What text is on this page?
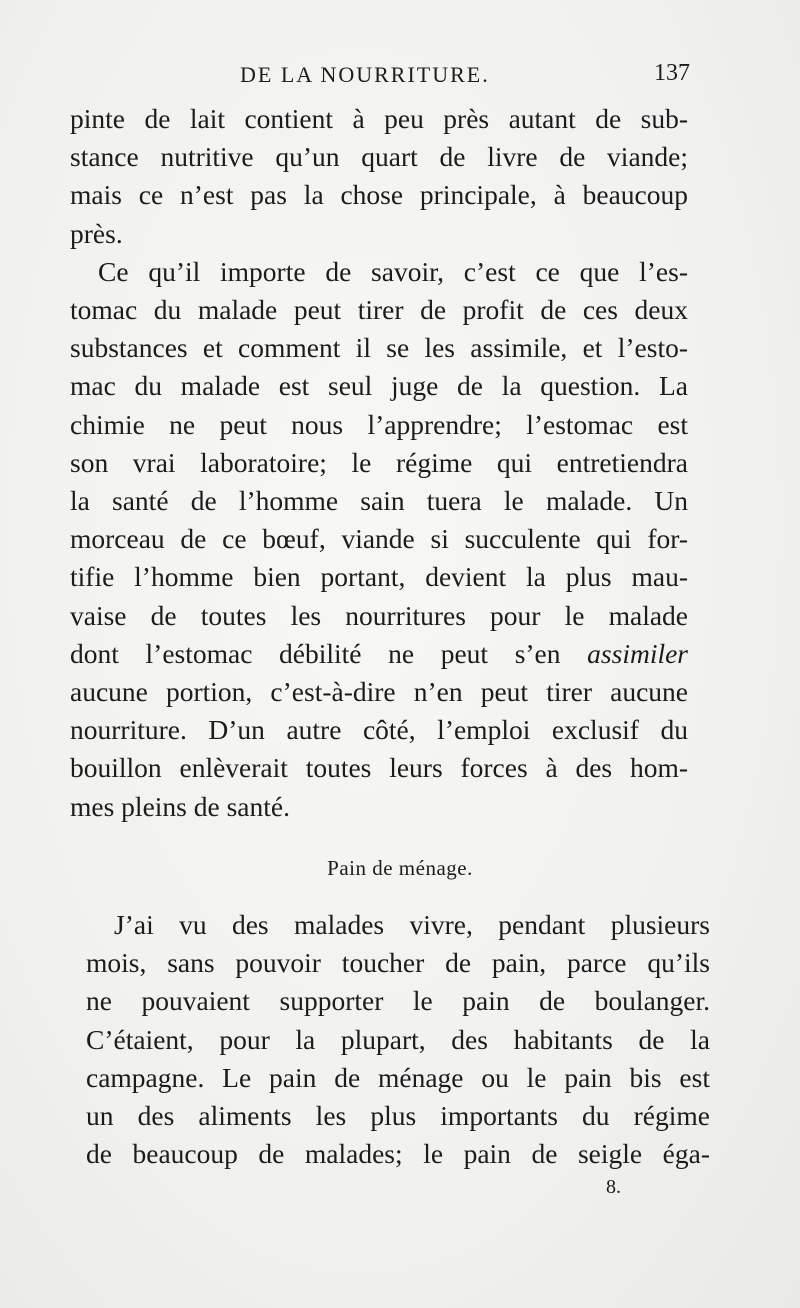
DE LA NOURRITURE.	137
pinte de lait contient à peu près autant de sub-
stance nutritive qu’un quart de livre de viande;
mais ce n’est pas la chose principale, à beaucoup
près.
Ce qu’il importe de savoir, c’est ce que l’es-
tomac du malade peut tirer de profit de ces deux
substances et comment il se les assimile, et l’esto-
mac du malade est seul juge de la question. La
chimie ne peut nous l’apprendre; l’estomac est
son vrai laboratoire; le régime qui entretiendra
la santé de l’homme sain tuera le malade. Un
morceau de ce bœuf, viande si succulente qui for-
tifie l’homme bien portant, devient la plus mau-
vaise de toutes les nourritures pour le malade
dont l’estomac débilité ne peut s’en assimiler
aucune portion, c’est-à-dire n’en peut tirer aucune
nourriture. D’un autre côté, l’emploi exclusif du
bouillon enlèverait toutes leurs forces à des hom-
mes pleins de santé.
Pain de ménage.
J’ai vu des malades vivre, pendant plusieurs
mois, sans pouvoir toucher de pain, parce qu’ils
ne pouvaient supporter le pain de boulanger.
C’étaient, pour la plupart, des habitants de la
campagne. Le pain de ménage ou le pain bis est
un des aliments les plus importants du régime
de beaucoup de malades; le pain de seigle éga-
8.
